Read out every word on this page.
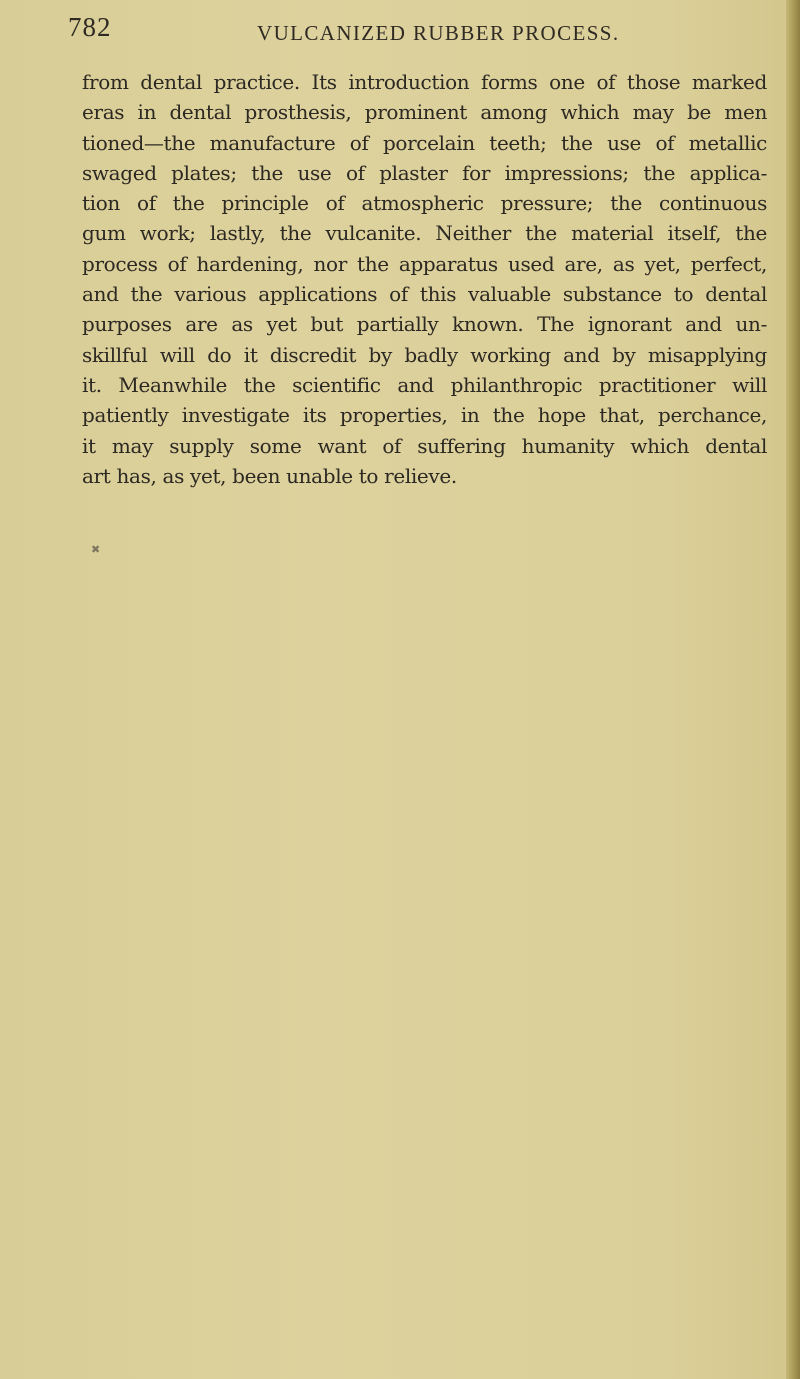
782	VULCANIZED RUBBER PROCESS.
from dental practice. Its introduction forms one of those marked
eras in dental prosthesis, prominent among which may be men
tioned—the manufacture of porcelain teeth; the use of metallic
swaged plates; the use of plaster for impressions; the applica-
tion of the principle of atmospheric pressure; the continuous
gum work; lastly, the vulcanite. Neither the material itself, the
process of hardening, nor the apparatus used are, as yet, perfect,
and the various applications of this valuable substance to dental
purposes are as yet but partially known. The ignorant and un-
skillful will do it discredit by badly working and by misapplying
it. Meanwhile the scientific and philanthropic practitioner will
patiently investigate its properties, in the hope that, perchance,
it may supply some want of suffering humanity which dental
art has, as yet, been unable to relieve.
✖
